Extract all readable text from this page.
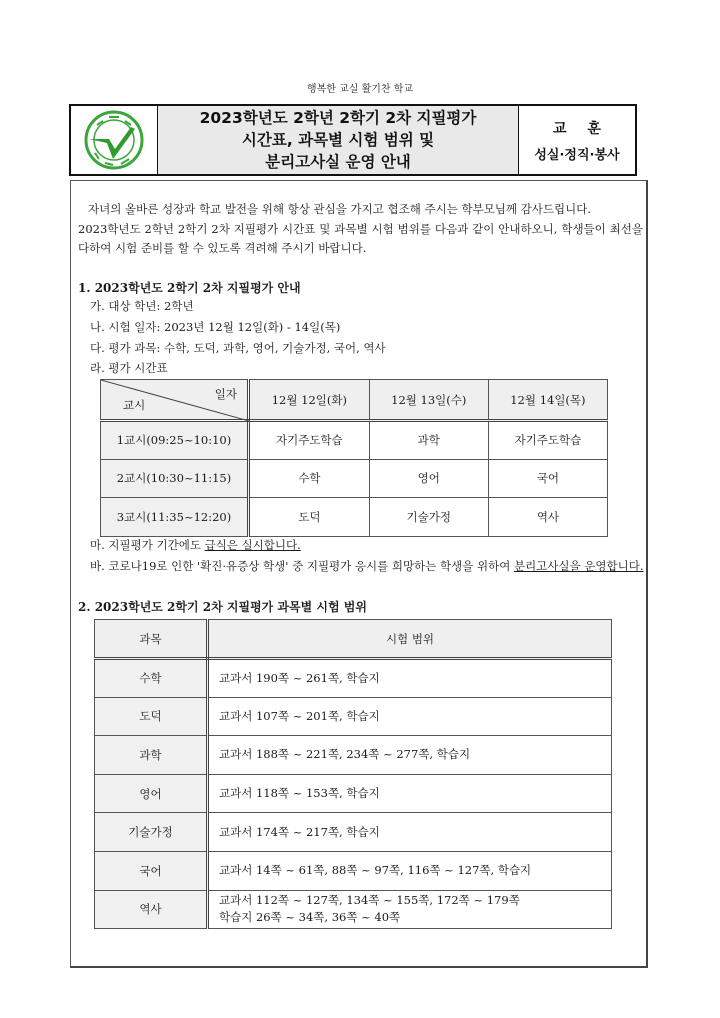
행복한 교실 활기찬 학교
2023학년도 2학년 2학기 2차 지필평가
시간표, 과목별 시험 범위 및
분리고사실 운영 안내
교 훈
성실·정직·봉사
자녀의 올바른 성장과 학교 발전을 위해 항상 관심을 가지고 협조해 주시는 학부모님께 감사드립니다.
2023학년도 2학년 2학기 2차 지필평가 시간표 및 과목별 시험 범위를 다음과 같이 안내하오니, 학생들이 최선을 다하여 시험 준비를 할 수 있도록 격려해 주시기 바랍니다.
1. 2023학년도 2학기 2차 지필평가 안내
가. 대상 학년: 2학년
나. 시험 일자: 2023년 12월 12일(화) - 14일(목)
다. 평가 과목: 수학, 도덕, 과학, 영어, 기술가정, 국어, 역사
라. 평가 시간표
일자
교시	12월 12일(화)	12월 13일(수)	12월 14일(목)
1교시(09:25~10:10)	자기주도학습	과학	자기주도학습
2교시(10:30~11:15)	수학	영어	국어
3교시(11:35~12:20)	도덕	기술가정	역사
마. 지필평가 기간에도 급식은 실시합니다.
바. 코로나19로 인한 '확진·유증상 학생' 중 지필평가 응시를 희망하는 학생을 위하여 분리고사실을 운영합니다.
2. 2023학년도 2학기 2차 지필평가 과목별 시험 범위
과목	시험 범위
수학	교과서 190쪽 ~ 261쪽, 학습지
도덕	교과서 107쪽 ~ 201쪽, 학습지
과학	교과서 188쪽 ~ 221쪽, 234쪽 ~ 277쪽, 학습지
영어	교과서 118쪽 ~ 153쪽, 학습지
기술가정	교과서 174쪽 ~ 217쪽, 학습지
국어	교과서 14쪽 ~ 61쪽, 88쪽 ~ 97쪽, 116쪽 ~ 127쪽, 학습지
역사	교과서 112쪽 ~ 127쪽, 134쪽 ~ 155쪽, 172쪽 ~ 179쪽
학습지 26쪽 ~ 34쪽, 36쪽 ~ 40쪽
